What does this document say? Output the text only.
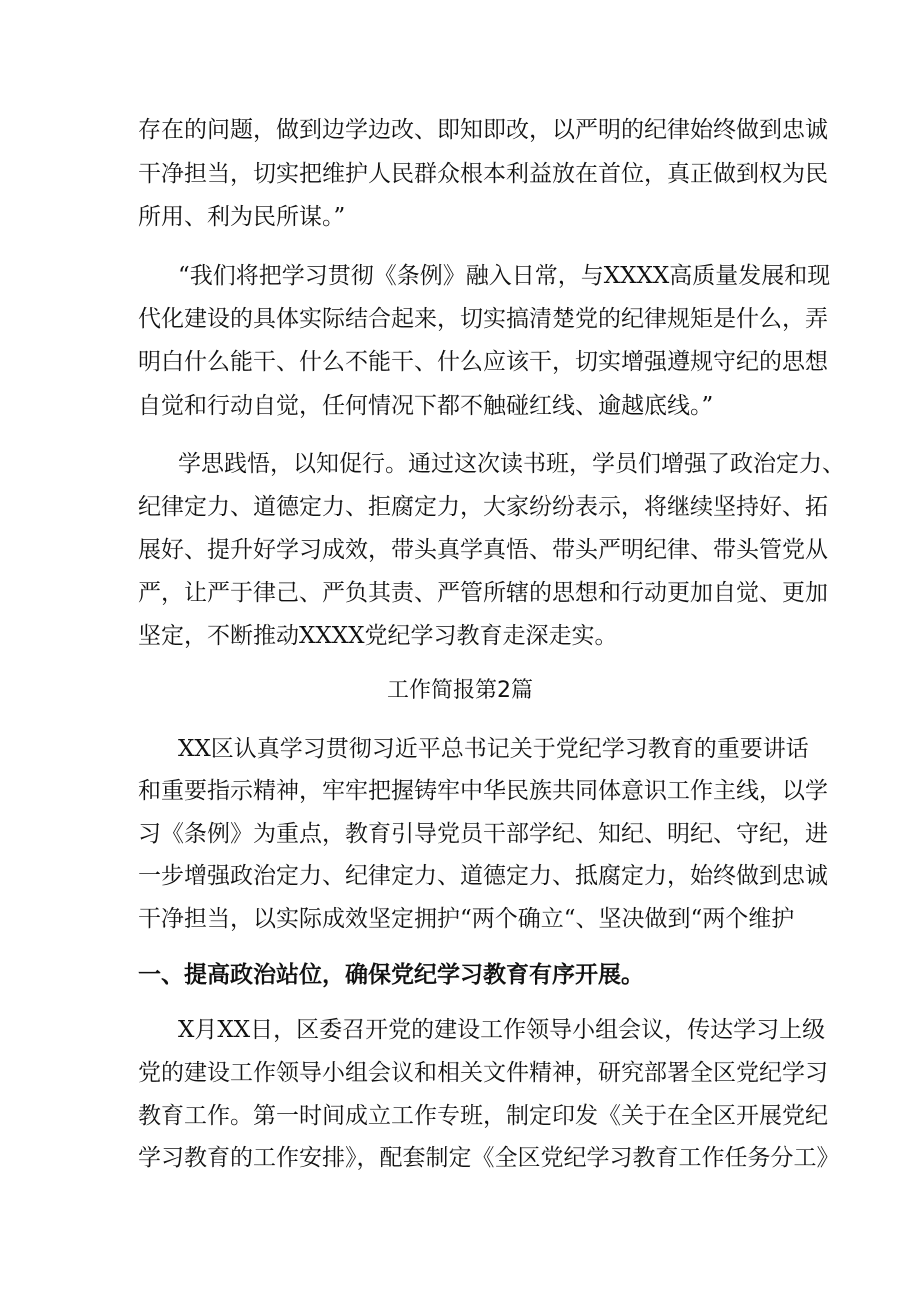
存在的问题，做到边学边改、即知即改，以严明的纪律始终做到忠诚
干净担当，切实把维护人民群众根本利益放在首位，真正做到权为民
所用、利为民所谋。”
“我们将把学习贯彻《条例》融入日常，与XXXX高质量发展和现
代化建设的具体实际结合起来，切实搞清楚党的纪律规矩是什么，弄
明白什么能干、什么不能干、什么应该干，切实增强遵规守纪的思想
自觉和行动自觉，任何情况下都不触碰红线、逾越底线。”
学思践悟，以知促行。通过这次读书班，学员们增强了政治定力、
纪律定力、道德定力、拒腐定力，大家纷纷表示，将继续坚持好、拓
展好、提升好学习成效，带头真学真悟、带头严明纪律、带头管党从
严，让严于律己、严负其责、严管所辖的思想和行动更加自觉、更加
坚定，不断推动XXXX党纪学习教育走深走实。
工作简报第2篇
XX区认真学习贯彻习近平总书记关于党纪学习教育的重要讲话
和重要指示精神，牢牢把握铸牢中华民族共同体意识工作主线，以学
习《条例》为重点，教育引导党员干部学纪、知纪、明纪、守纪，进
一步增强政治定力、纪律定力、道德定力、抵腐定力，始终做到忠诚
干净担当，以实际成效坚定拥护“两个确立“、坚决做到“两个维护
一、提高政治站位，确保党纪学习教育有序开展。
X月XX日，区委召开党的建设工作领导小组会议，传达学习上级
党的建设工作领导小组会议和相关文件精神，研究部署全区党纪学习
教育工作。第一时间成立工作专班，制定印发《关于在全区开展党纪
学习教育的工作安排》，配套制定《全区党纪学习教育工作任务分工》
